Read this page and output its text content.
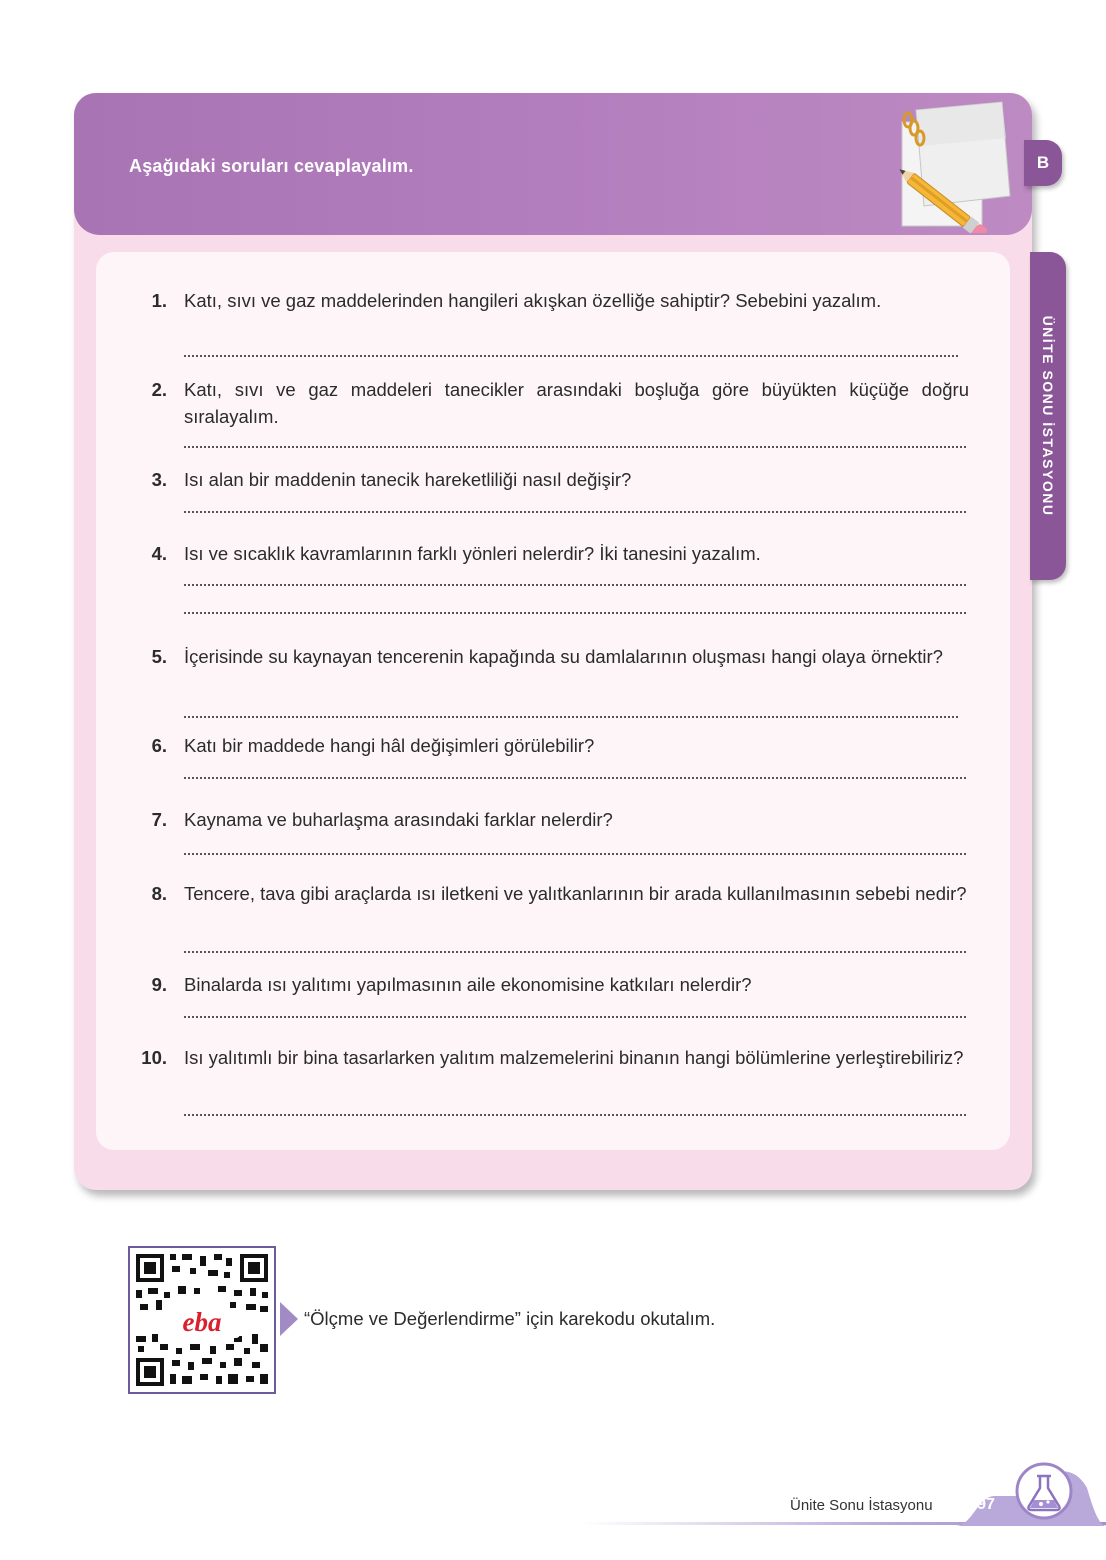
Aşağıdaki soruları cevaplayalım.	B
ÜNİTE SONU İSTASYONU
1. Katı, sıvı ve gaz maddelerinden hangileri akışkan özelliğe sahiptir? Sebebini yazalım.
2. Katı, sıvı ve gaz maddeleri tanecikler arasındaki boşluğa göre büyükten küçüğe doğru sıralayalım.
3. Isı alan bir maddenin tanecik hareketliliği nasıl değişir?
4. Isı ve sıcaklık kavramlarının farklı yönleri nelerdir? İki tanesini yazalım.
5. İçerisinde su kaynayan tencerenin kapağında su damlalarının oluşması hangi olaya örnektir?
6. Katı bir maddede hangi hâl değişimleri görülebilir?
7. Kaynama ve buharlaşma arasındaki farklar nelerdir?
8. Tencere, tava gibi araçlarda ısı iletkeni ve yalıtkanlarının bir arada kullanılmasının sebebi nedir?
9. Binalarda ısı yalıtımı yapılmasının aile ekonomisine katkıları nelerdir?
10. Isı yalıtımlı bir bina tasarlarken yalıtım malzemelerini binanın hangi bölümlerine yerleştirebiliriz?
eba	“Ölçme ve Değerlendirme” için karekodu okutalım.
Ünite Sonu İstasyonu	97
